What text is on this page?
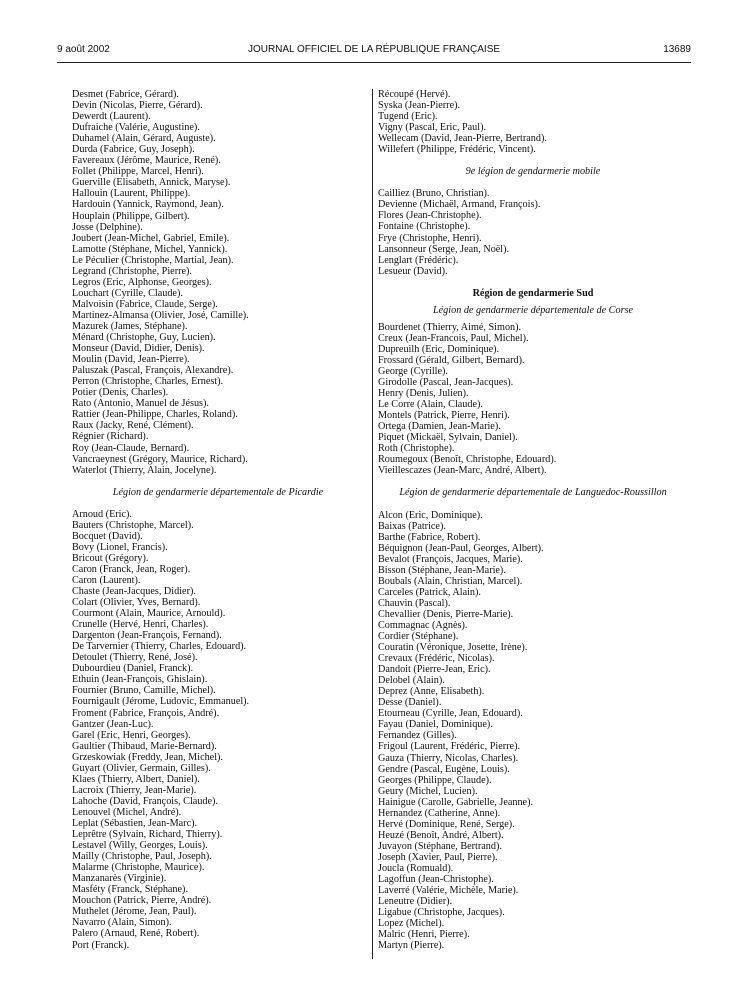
9 août 2002	JOURNAL OFFICIEL DE LA RÉPUBLIQUE FRANÇAISE	13689
Desmet (Fabrice, Gérard).
Devin (Nicolas, Pierre, Gérard).
Dewerdt (Laurent).
Dufraiche (Valérie, Augustine).
Duhamel (Alain, Gérard, Auguste).
Durda (Fabrice, Guy, Joseph).
Favereaux (Jérôme, Maurice, René).
Follet (Philippe, Marcel, Henri).
Guerville (Elisabeth, Annick, Maryse).
Hallouin (Laurent, Philippe).
Hardouin (Yannick, Raymond, Jean).
Houplain (Philippe, Gilbert).
Josse (Delphine).
Joubert (Jean-Michel, Gabriel, Emile).
Lamotte (Stéphane, Michel, Yannick).
Le Péculier (Christophe, Martial, Jean).
Legrand (Christophe, Pierre).
Legros (Eric, Alphonse, Georges).
Louchart (Cyrille, Claude).
Malvoisin (Fabrice, Claude, Serge).
Martinez-Almansa (Olivier, José, Camille).
Mazurek (James, Stéphane).
Ménard (Christophe, Guy, Lucien).
Monseur (David, Didier, Denis).
Moulin (David, Jean-Pierre).
Paluszak (Pascal, François, Alexandre).
Perron (Christophe, Charles, Ernest).
Potier (Denis, Charles).
Rato (Antonio, Manuel de Jésus).
Rattier (Jean-Philippe, Charles, Roland).
Raux (Jacky, René, Clément).
Régnier (Richard).
Roy (Jean-Claude, Bernard).
Vancraeynest (Grégory, Maurice, Richard).
Waterlot (Thierry, Alain, Jocelyne).
Légion de gendarmerie départementale de Picardie
Arnoud (Eric).
Bauters (Christophe, Marcel).
Bocquet (David).
Bovy (Lionel, Francis).
Bricout (Grégory).
Caron (Franck, Jean, Roger).
Caron (Laurent).
Chaste (Jean-Jacques, Didier).
Colart (Olivier, Yves, Bernard).
Courmont (Alain, Maurice, Arnould).
Crunelle (Hervé, Henri, Charles).
Dargenton (Jean-François, Fernand).
De Tarvernier (Thierry, Charles, Edouard).
Detoulet (Thierry, René, José).
Dubourdieu (Daniel, Franck).
Ethuin (Jean-François, Ghislain).
Fournier (Bruno, Camille, Michel).
Fournigault (Jérome, Ludovic, Emmanuel).
Froment (Fabrice, François, André).
Gantzer (Jean-Luc).
Garel (Eric, Henri, Georges).
Gaultier (Thibaud, Marie-Bernard).
Grzeskowiak (Freddy, Jean, Michel).
Guyart (Olivier, Germain, Gilles).
Klaes (Thierry, Albert, Daniel).
Lacroix (Thierry, Jean-Marie).
Lahoche (David, François, Claude).
Lenouvel (Michel, André).
Leplat (Sébastien, Jean-Marc).
Leprêtre (Sylvain, Richard, Thierry).
Lestavel (Willy, Georges, Louis).
Mailly (Christophe, Paul, Joseph).
Malarme (Christophe, Maurice).
Manzanarès (Virginie).
Masféty (Franck, Stéphane).
Mouchon (Patrick, Pierre, André).
Muthelet (Jérome, Jean, Paul).
Navarro (Alain, Simon).
Palero (Arnaud, René, Robert).
Port (Franck).
Récoupé (Hervé).
Syska (Jean-Pierre).
Tugend (Eric).
Vigny (Pascal, Eric, Paul).
Wellecam (David, Jean-Pierre, Bertrand).
Willefert (Philippe, Frédéric, Vincent).
9e légion de gendarmerie mobile
Cailliez (Bruno, Christian).
Devienne (Michaël, Armand, François).
Flores (Jean-Christophe).
Fontaine (Christophe).
Frye (Christophe, Henri).
Lansonneur (Serge, Jean, Noël).
Lenglart (Frédéric).
Lesueur (David).
Région de gendarmerie Sud
Légion de gendarmerie départementale de Corse
Bourdenet (Thierry, Aimé, Simon).
Creux (Jean-Francois, Paul, Michel).
Dupreuilh (Eric, Dominique).
Frossard (Gérald, Gilbert, Bernard).
George (Cyrille).
Girodolle (Pascal, Jean-Jacques).
Henry (Denis, Julien).
Le Corre (Alain, Claude).
Montels (Patrick, Pierre, Henri).
Ortega (Damien, Jean-Marie).
Piquet (Mickaël, Sylvain, Daniel).
Roth (Christophe).
Roumegoux (Benoît, Christophe, Edouard).
Vieillescazes (Jean-Marc, André, Albert).
Légion de gendarmerie départementale de Languedoc-Roussillon
Alcon (Eric, Dominique).
Baixas (Patrice).
Barthe (Fabrice, Robert).
Béquignon (Jean-Paul, Georges, Albert).
Bevalot (François, Jacques, Marie).
Bisson (Stéphane, Jean-Marie).
Boubals (Alain, Christian, Marcel).
Carceles (Patrick, Alain).
Chauvin (Pascal).
Chevallier (Denis, Pierre-Marie).
Commagnac (Agnès).
Cordier (Stéphane).
Couratin (Véronique, Josette, Irène).
Crevaux (Frédéric, Nicolas).
Dandoit (Pierre-Jean, Eric).
Delobel (Alain).
Deprez (Anne, Elisabeth).
Desse (Daniel).
Etourneau (Cyrille, Jean, Edouard).
Fayau (Daniel, Dominique).
Fernandez (Gilles).
Frigoul (Laurent, Frédéric, Pierre).
Gauza (Thierry, Nicolas, Charles).
Gendre (Pascal, Eugène, Louis).
Georges (Philippe, Claude).
Geury (Michel, Lucien).
Hainigue (Carolle, Gabrielle, Jeanne).
Hernandez (Catherine, Anne).
Hervé (Dominique, René, Serge).
Heuzé (Benoît, André, Albert).
Juvayon (Stéphane, Bertrand).
Joseph (Xavier, Paul, Pierre).
Joucla (Romuald).
Lagoffun (Jean-Christophe).
Laverré (Valérie, Michèle, Marie).
Leneutre (Didier).
Ligabue (Christophe, Jacques).
Lopez (Michel).
Malric (Henri, Pierre).
Martyn (Pierre).
